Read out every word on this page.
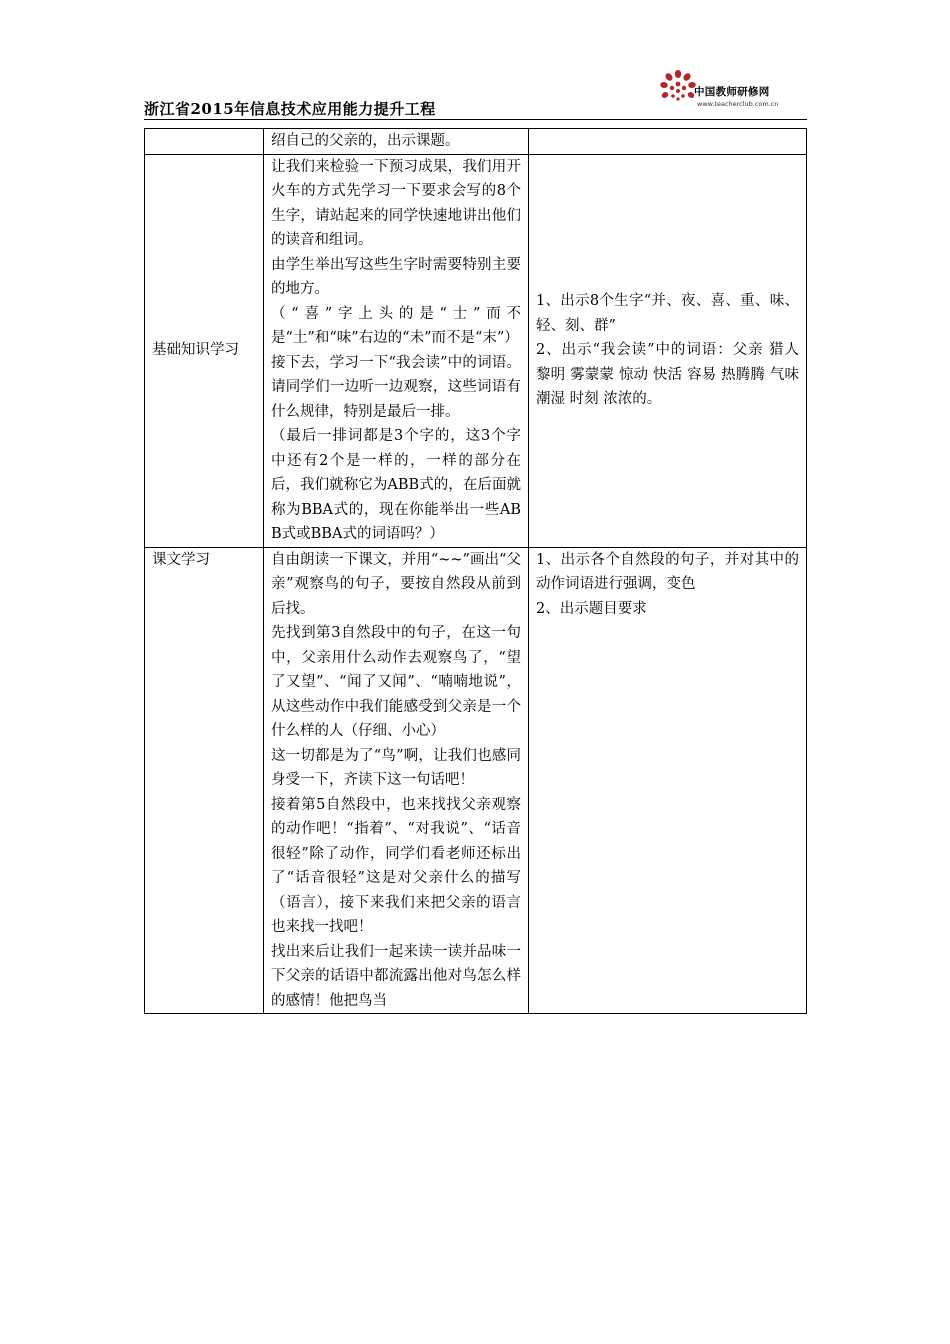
浙江省2015年信息技术应用能力提升工程
中国教师研修网
www.teacherclub.com.cn

	绍自己的父亲的，出示课题。	

基础知识学习	让我们来检验一下预习成果，我们用开火车的方式先学习一下要求会写的8个生字，请站起来的同学快速地讲出他们的读音和组词。
由学生举出写这些生字时需要特别主要的地方。
（“喜”字上头的是“士”而不是“土”和“味”右边的“未”而不是“末”）
接下去，学习一下“我会读”中的词语。请同学们一边听一边观察，这些词语有什么规律，特别是最后一排。
（最后一排词都是3个字的，这3个字中还有2个是一样的，一样的部分在后，我们就称它为ABB式的，在后面就称为BBA式的，现在你能举出一些ABB式或BBA式的词语吗？）	1、出示8个生字“并、夜、喜、重、味、轻、刻、群”
2、出示“我会读”中的词语：父亲 猎人 黎明 雾蒙蒙 惊动 快活 容易 热腾腾 气味 潮湿 时刻 浓浓的。

课文学习	自由朗读一下课文，并用“~~”画出“父亲”观察鸟的句子，要按自然段从前到后找。
先找到第3自然段中的句子，在这一句中，父亲用什么动作去观察鸟了，“望了又望”、“闻了又闻”、“喃喃地说”，从这些动作中我们能感受到父亲是一个什么样的人（仔细、小心）
这一切都是为了“鸟”啊，让我们也感同身受一下，齐读下这一句话吧！
接着第5自然段中，也来找找父亲观察的动作吧！“指着”、“对我说”、“话音很轻”除了动作，同学们看老师还标出了“话音很轻”这是对父亲什么的描写（语言），接下来我们来把父亲的语言也来找一找吧！
找出来后让我们一起来读一读并品味一下父亲的话语中都流露出他对鸟怎么样的感情！他把鸟当	1、出示各个自然段的句子，并对其中的动作词语进行强调，变色
2、出示题目要求
